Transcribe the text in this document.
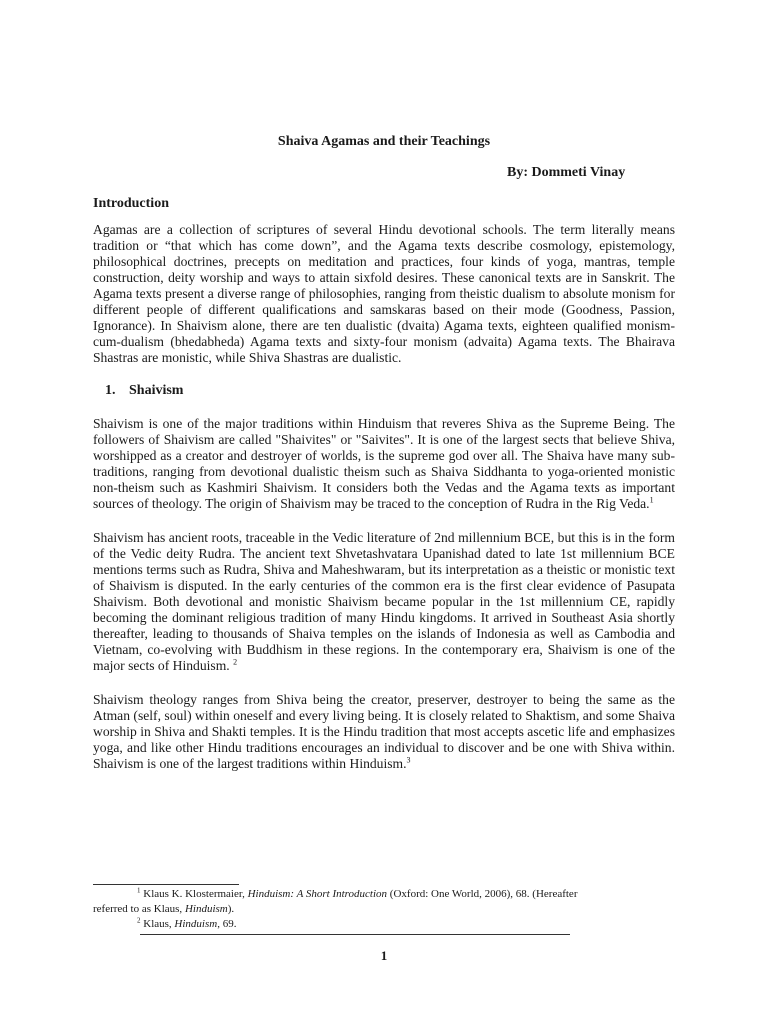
Shaiva Agamas and their Teachings
By: Dommeti Vinay
Introduction

Agamas are a collection of scriptures of several Hindu devotional schools. The term literally means tradition or “that which has come down”, and the Agama texts describe cosmology, epistemology, philosophical doctrines, precepts on meditation and practices, four kinds of yoga, mantras, temple construction, deity worship and ways to attain sixfold desires. These canonical texts are in Sanskrit. The Agama texts present a diverse range of philosophies, ranging from theistic dualism to absolute monism for different people of different qualifications and samskaras based on their mode (Goodness, Passion, Ignorance). In Shaivism alone, there are ten dualistic (dvaita) Agama texts, eighteen qualified monism-cum-dualism (bhedabheda) Agama texts and sixty-four monism (advaita) Agama texts. The Bhairava Shastras are monistic, while Shiva Shastras are dualistic.

1. Shaivism

Shaivism is one of the major traditions within Hinduism that reveres Shiva as the Supreme Being. The followers of Shaivism are called "Shaivites" or "Saivites". It is one of the largest sects that believe Shiva, worshipped as a creator and destroyer of worlds, is the supreme god over all. The Shaiva have many sub-traditions, ranging from devotional dualistic theism such as Shaiva Siddhanta to yoga-oriented monistic non-theism such as Kashmiri Shaivism. It considers both the Vedas and the Agama texts as important sources of theology. The origin of Shaivism may be traced to the conception of Rudra in the Rig Veda.$^1$

Shaivism has ancient roots, traceable in the Vedic literature of 2nd millennium BCE, but this is in the form of the Vedic deity Rudra. The ancient text Shvetashvatara Upanishad dated to late 1st millennium BCE mentions terms such as Rudra, Shiva and Maheshwaram, but its interpretation as a theistic or monistic text of Shaivism is disputed. In the early centuries of the common era is the first clear evidence of Pasupata Shaivism. Both devotional and monistic Shaivism became popular in the 1st millennium CE, rapidly becoming the dominant religious tradition of many Hindu kingdoms. It arrived in Southeast Asia shortly thereafter, leading to thousands of Shaiva temples on the islands of Indonesia as well as Cambodia and Vietnam, co-evolving with Buddhism in these regions. In the contemporary era, Shaivism is one of the major sects of Hinduism. $^2$

Shaivism theology ranges from Shiva being the creator, preserver, destroyer to being the same as the Atman (self, soul) within oneself and every living being. It is closely related to Shaktism, and some Shaiva worship in Shiva and Shakti temples. It is the Hindu tradition that most accepts ascetic life and emphasizes yoga, and like other Hindu traditions encourages an individual to discover and be one with Shiva within. Shaivism is one of the largest traditions within Hinduism.$^3$

$^1$ Klaus K. Klostermaier, Hinduism: A Short Introduction (Oxford: One World, 2006), 68. (Hereafter referred to as Klaus, Hinduism).

$^2$ Klaus, Hinduism, 69.

1
